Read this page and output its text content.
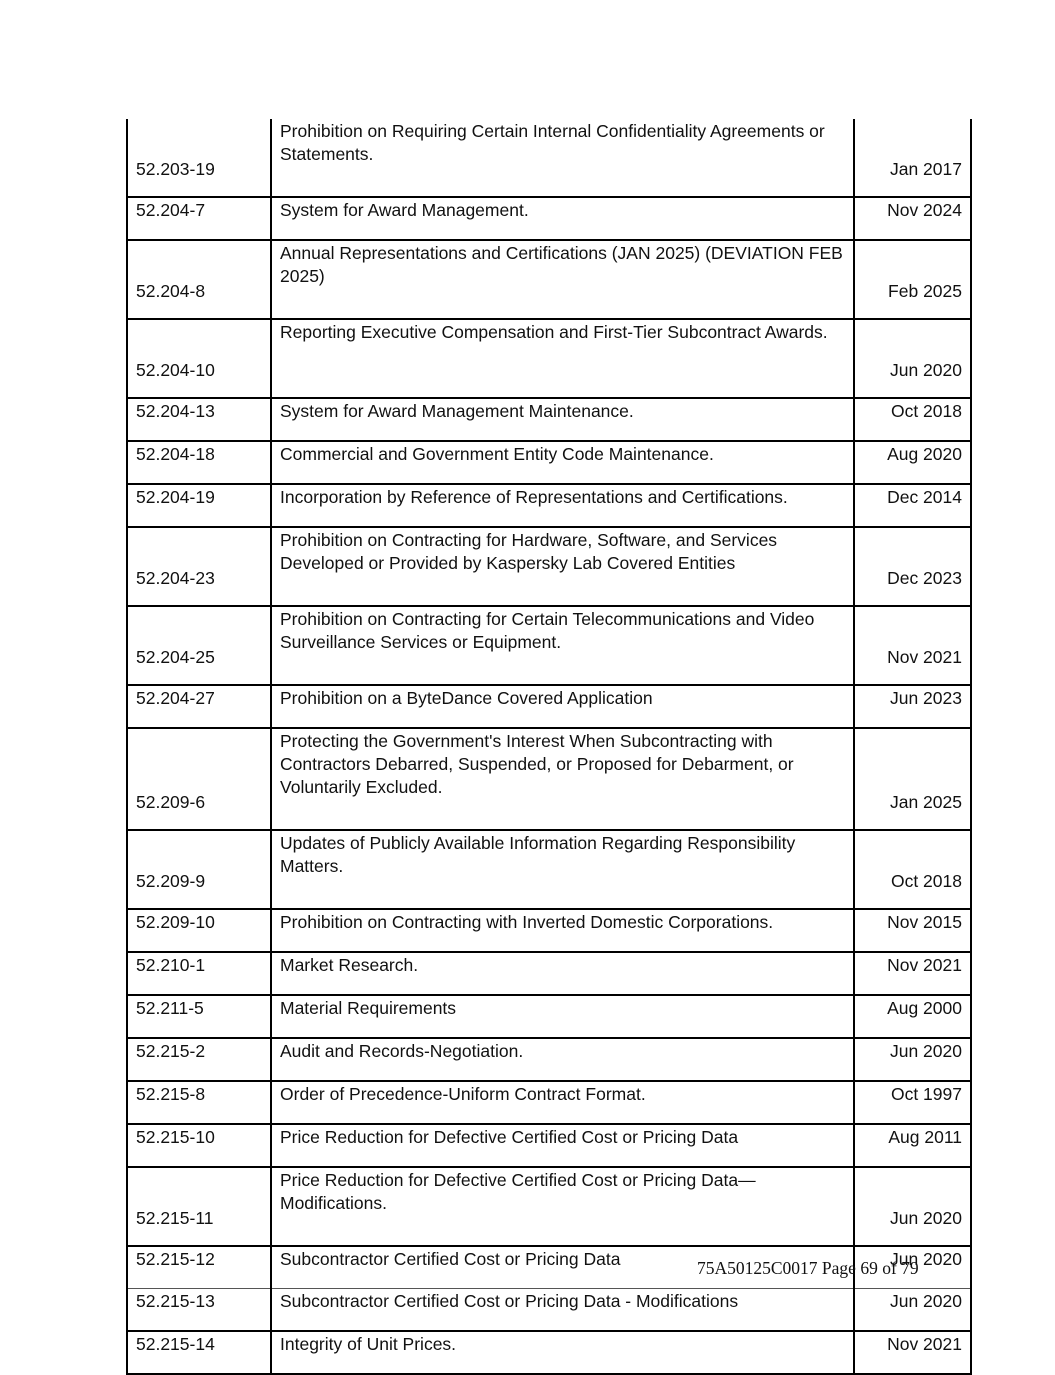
52.203-19	Prohibition on Requiring Certain Internal Confidentiality Agreements or Statements.	Jan 2017
52.204-7	System for Award Management.	Nov 2024
52.204-8	Annual Representations and Certifications (JAN 2025) (DEVIATION FEB 2025)	Feb 2025
52.204-10	Reporting Executive Compensation and First-Tier Subcontract Awards.	Jun 2020
52.204-13	System for Award Management Maintenance.	Oct 2018
52.204-18	Commercial and Government Entity Code Maintenance.	Aug 2020
52.204-19	Incorporation by Reference of Representations and Certifications.	Dec 2014
52.204-23	Prohibition on Contracting for Hardware, Software, and Services Developed or Provided by Kaspersky Lab Covered Entities	Dec 2023
52.204-25	Prohibition on Contracting for Certain Telecommunications and Video Surveillance Services or Equipment.	Nov 2021
52.204-27	Prohibition on a ByteDance Covered Application	Jun 2023
52.209-6	Protecting the Government's Interest When Subcontracting with Contractors Debarred, Suspended, or Proposed for Debarment, or Voluntarily Excluded.	Jan 2025
52.209-9	Updates of Publicly Available Information Regarding Responsibility Matters.	Oct 2018
52.209-10	Prohibition on Contracting with Inverted Domestic Corporations.	Nov 2015
52.210-1	Market Research.	Nov 2021
52.211-5	Material Requirements	Aug 2000
52.215-2	Audit and Records-Negotiation.	Jun 2020
52.215-8	Order of Precedence-Uniform Contract Format.	Oct 1997
52.215-10	Price Reduction for Defective Certified Cost or Pricing Data	Aug 2011
52.215-11	Price Reduction for Defective Certified Cost or Pricing Data— Modifications.	Jun 2020
52.215-12	Subcontractor Certified Cost or Pricing Data	Jun 2020
52.215-13	Subcontractor Certified Cost or Pricing Data - Modifications	Jun 2020
52.215-14	Integrity of Unit Prices.	Nov 2021
75A50125C0017 Page 69 of 79
